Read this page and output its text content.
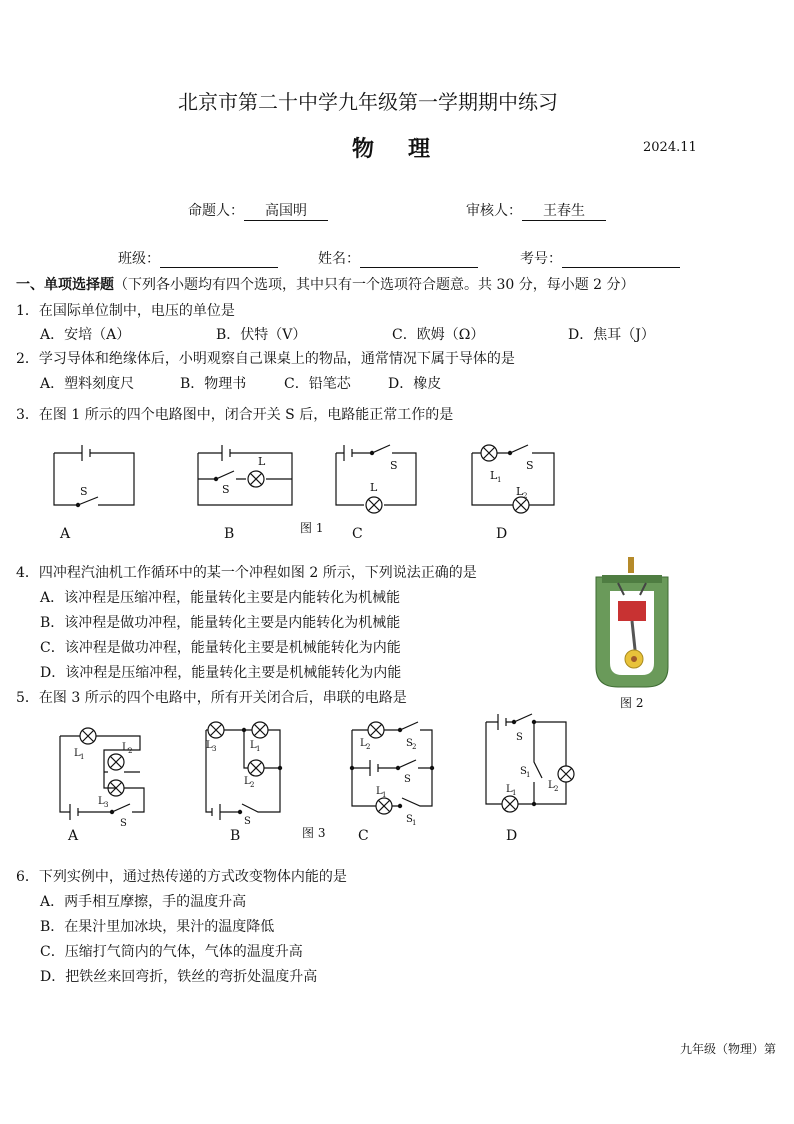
北京市第二十中学九年级第一学期期中练习
物　理	2024.11
命题人： 高国明	审核人： 王春生
班级：	姓名：	考号：
一、单项选择题（下列各小题均有四个选项，其中只有一个选项符合题意。共 30 分，每小题 2 分）
1．在国际单位制中，电压的单位是
A．安培（A）	B．伏特（V）	C．欧姆（Ω）	D．焦耳（J）
2．学习导体和绝缘体后，小明观察自己课桌上的物品，通常情况下属于导体的是
A．塑料刻度尺	B．物理书	C．铅笔芯	D．橡皮
3．在图 1 所示的四个电路图中，闭合开关 S 后，电路能正常工作的是
S
A
L
S
B	图 1
S
L
C
S
L 1
L 2
D
4．四冲程汽油机工作循环中的某一个冲程如图 2 所示，下列说法正确的是
A．该冲程是压缩冲程，能量转化主要是内能转化为机械能
B．该冲程是做功冲程，能量转化主要是内能转化为机械能
C．该冲程是做功冲程，能量转化主要是机械能转化为内能
D．该冲程是压缩冲程，能量转化主要是机械能转化为内能
图 2
5．在图 3 所示的四个电路中，所有开关闭合后，串联的电路是
L 1
L 2
L 3
S
A
L 3	L 1
L 2
S
B	图 3
L 2	S 2
S
L 1
S 1
C
S
S 1
L 2
L 1
D
6．下列实例中，通过热传递的方式改变物体内能的是
A．两手相互摩擦，手的温度升高
B．在果汁里加冰块，果汁的温度降低
C．压缩打气筒内的气体，气体的温度升高
D．把铁丝来回弯折，铁丝的弯折处温度升高
九年级（物理）第
